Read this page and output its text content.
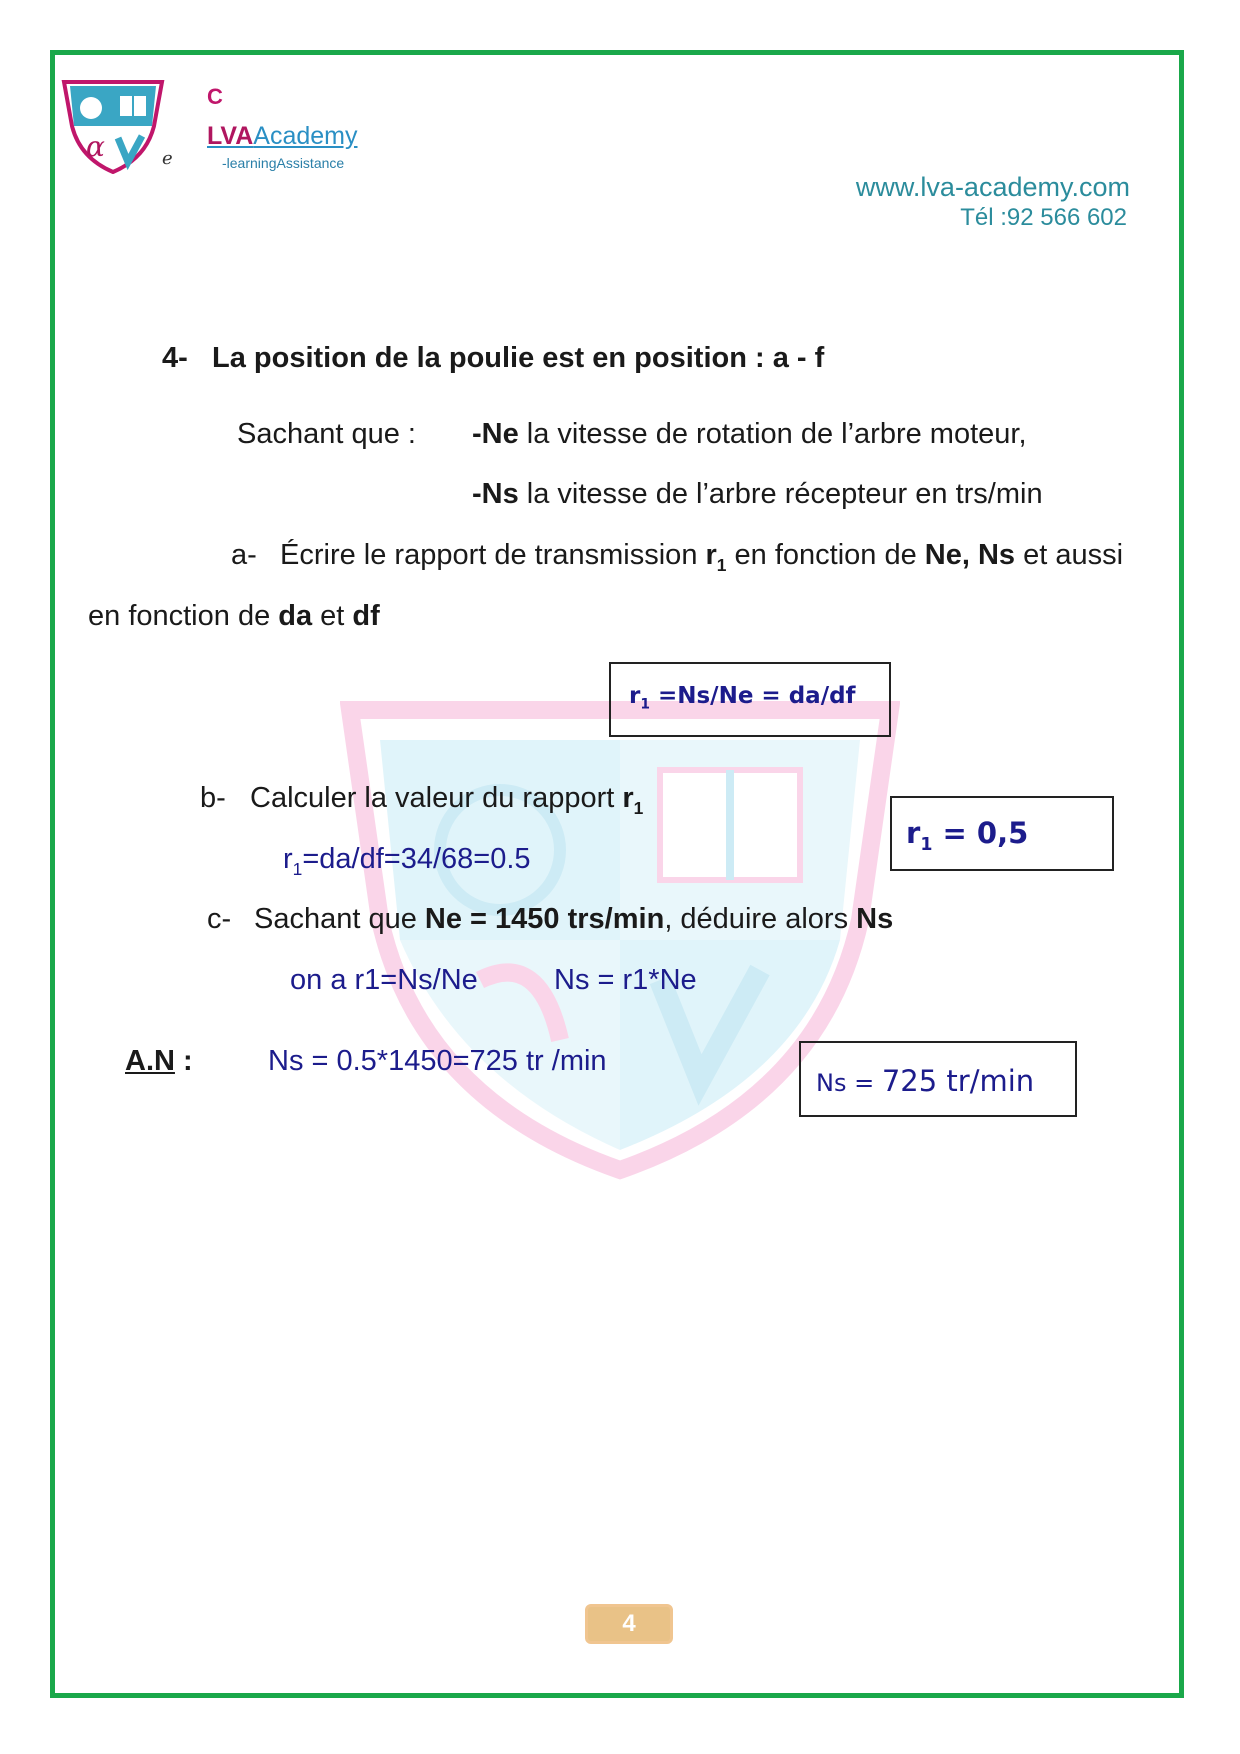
α
C
LVAAcademy
e	-learningAssistance
www.lva-academy.com
Tél :92 566 602
4- La position de la poulie est en position : a - f
Sachant que : -Ne la vitesse de rotation de l’arbre moteur,
-Ns la vitesse de l’arbre récepteur en trs/min
a- Écrire le rapport de transmission $r_1$ en fonction de Ne, Ns et aussi
en fonction de da et df
$r_1 =Ns/Ne = da/df$
b- Calculer la valeur du rapport $r_1$
$r_1=da/df=34/68=0.5$
$r_1 = 0,5$
c- Sachant que Ne = 1450 trs/min, déduire alors Ns
on a r1=Ns/Ne	Ns = r1*Ne
A.N :	Ns = 0.5*1450=725 tr /min
Ns = 725 tr/min
4
